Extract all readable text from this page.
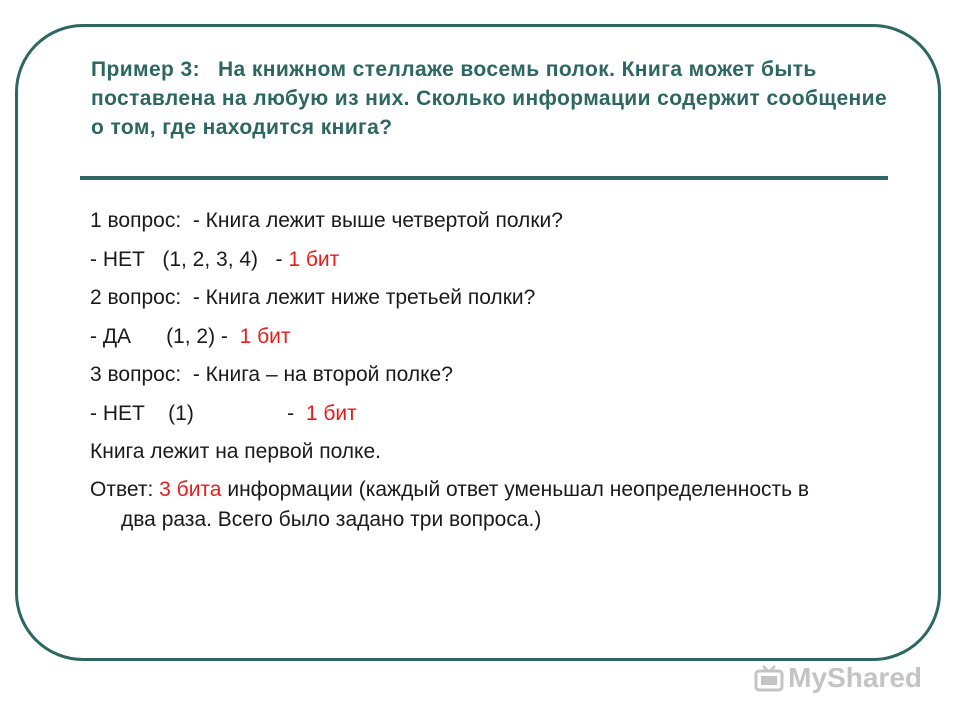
Пример 3: На книжном стеллаже восемь полок. Книга может быть поставлена на любую из них. Сколько информации содержит сообщение о том, где находится книга?
1 вопрос:  - Книга лежит выше четвертой полки?
- НЕТ   (1, 2, 3, 4)   - 1 бит
2 вопрос:  - Книга лежит ниже третьей полки?
- ДА      (1, 2) -  1 бит
3 вопрос:  - Книга – на второй полке?
- НЕТ    (1)                -  1 бит
Книга лежит на первой полке.
Ответ: 3 бита информации (каждый ответ уменьшал неопределенность в два раза. Всего было задано три вопроса.)
MyShared
